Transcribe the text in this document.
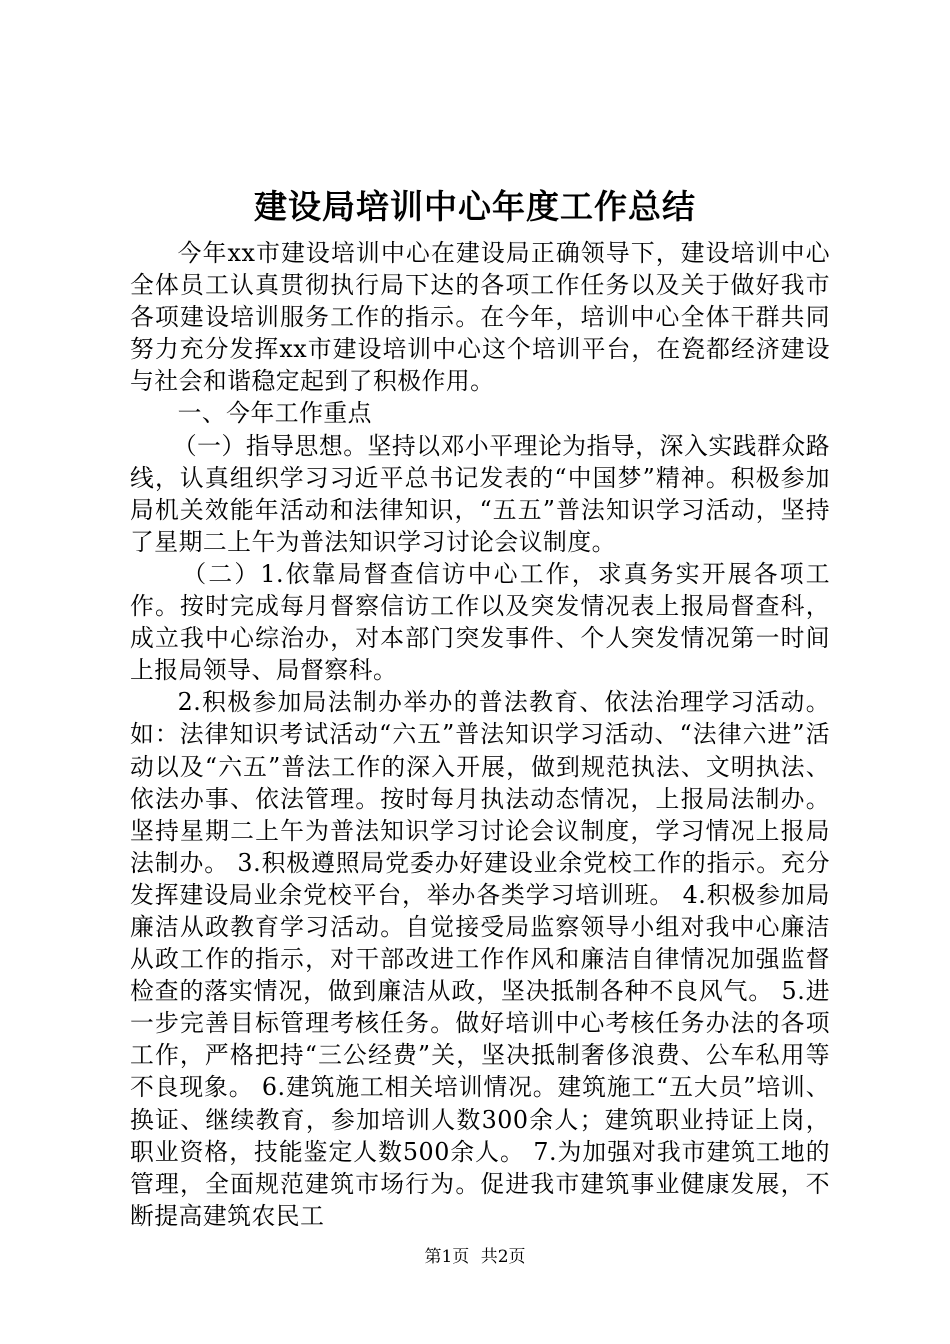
建设局培训中心年度工作总结

今年xx市建设培训中心在建设局正确领导下，建设培训中心全体员工认真贯彻执行局下达的各项工作任务以及关于做好我市各项建设培训服务工作的指示。在今年，培训中心全体干群共同努力充分发挥xx市建设培训中心这个培训平台，在瓷都经济建设与社会和谐稳定起到了积极作用。

一、今年工作重点

（一）指导思想。坚持以邓小平理论为指导，深入实践群众路线，认真组织学习习近平总书记发表的“中国梦”精神。积极参加局机关效能年活动和法律知识，“五五”普法知识学习活动，坚持了星期二上午为普法知识学习讨论会议制度。

（二）1.依靠局督查信访中心工作，求真务实开展各项工作。按时完成每月督察信访工作以及突发情况表上报局督查科，成立我中心综治办，对本部门突发事件、个人突发情况第一时间上报局领导、局督察科。

2.积极参加局法制办举办的普法教育、依法治理学习活动。如：法律知识考试活动“六五”普法知识学习活动、“法律六进”活动以及“六五”普法工作的深入开展，做到规范执法、文明执法、依法办事、依法管理。按时每月执法动态情况，上报局法制办。坚持星期二上午为普法知识学习讨论会议制度，学习情况上报局法制办。 3.积极遵照局党委办好建设业余党校工作的指示。充分发挥建设局业余党校平台，举办各类学习培训班。 4.积极参加局廉洁从政教育学习活动。自觉接受局监察领导小组对我中心廉洁从政工作的指示，对干部改进工作作风和廉洁自律情况加强监督检查的落实情况，做到廉洁从政，坚决抵制各种不良风气。 5.进一步完善目标管理考核任务。做好培训中心考核任务办法的各项工作，严格把持“三公经费”关，坚决抵制奢侈浪费、公车私用等不良现象。 6.建筑施工相关培训情况。建筑施工“五大员”培训、换证、继续教育，参加培训人数300余人；建筑职业持证上岗，职业资格，技能鉴定人数500余人。 7.为加强对我市建筑工地的管理，全面规范建筑市场行为。促进我市建筑事业健康发展，不断提高建筑农民工

第1页 共2页
